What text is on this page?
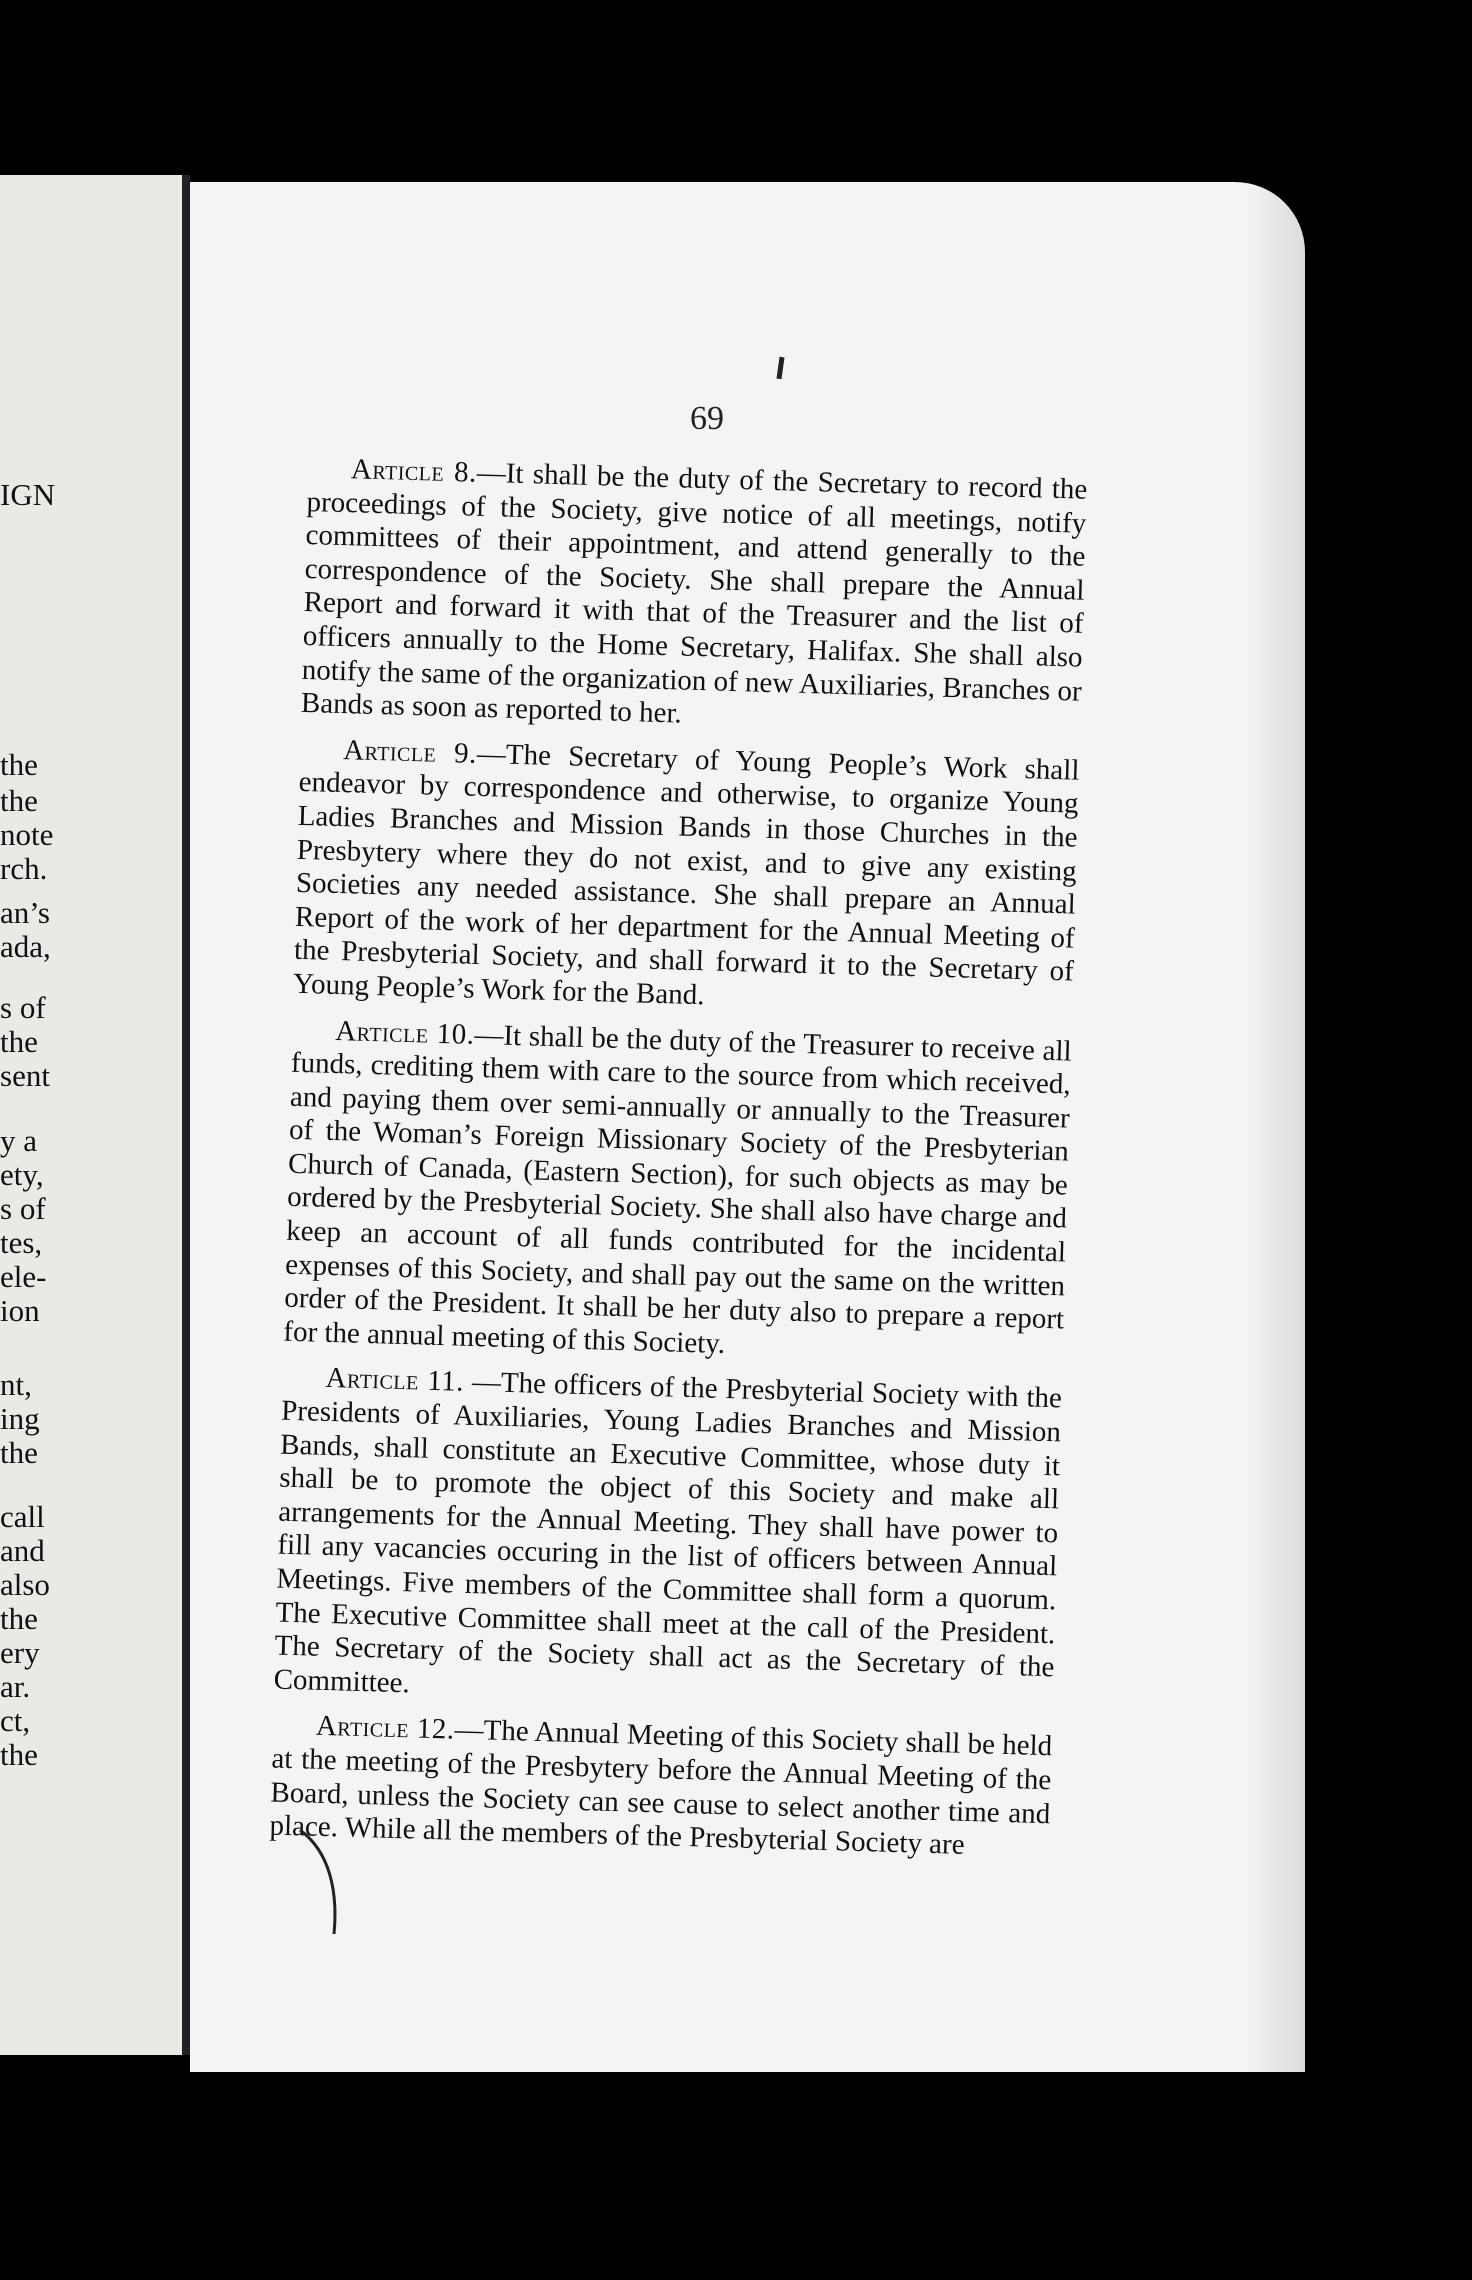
IGN
the
the
note
rch.
an’s
ada,
s of
the
sent
y a
ety,
s of
tes,
ele-
ion
nt,
ing
the
call
and
also
the
ery
ar.
ct,
the
69

Article 8.—It shall be the duty of the Secretary to record the proceedings of the Society, give notice of all meetings, notify committees of their appointment, and attend generally to the correspondence of the Society. She shall prepare the Annual Report and forward it with that of the Treasurer and the list of officers annually to the Home Secretary, Halifax. She shall also notify the same of the organization of new Auxiliaries, Branches or Bands as soon as reported to her.

Article 9.—The Secretary of Young People’s Work shall endeavor by correspondence and otherwise, to organize Young Ladies Branches and Mission Bands in those Churches in the Presbytery where they do not exist, and to give any existing Societies any needed assistance. She shall prepare an Annual Report of the work of her department for the Annual Meeting of the Presbyterial Society, and shall forward it to the Secretary of Young People’s Work for the Band.

Article 10.—It shall be the duty of the Treasurer to receive all funds, crediting them with care to the source from which received, and paying them over semi-annually or annually to the Treasurer of the Woman’s Foreign Missionary Society of the Presbyterian Church of Canada, (Eastern Section), for such objects as may be ordered by the Presbyterial Society. She shall also have charge and keep an account of all funds contributed for the incidental expenses of this Society, and shall pay out the same on the written order of the President. It shall be her duty also to prepare a report for the annual meeting of this Society.

Article 11. —The officers of the Presbyterial Society with the Presidents of Auxiliaries, Young Ladies Branches and Mission Bands, shall constitute an Executive Committee, whose duty it shall be to promote the object of this Society and make all arrangements for the Annual Meeting. They shall have power to fill any vacancies occuring in the list of officers between Annual Meetings. Five members of the Committee shall form a quorum. The Executive Committee shall meet at the call of the President. The Secretary of the Society shall act as the Secretary of the Committee.

Article 12.—The Annual Meeting of this Society shall be held at the meeting of the Presbytery before the Annual Meeting of the Board, unless the Society can see cause to select another time and place. While all the members of the Presbyterial Society are
